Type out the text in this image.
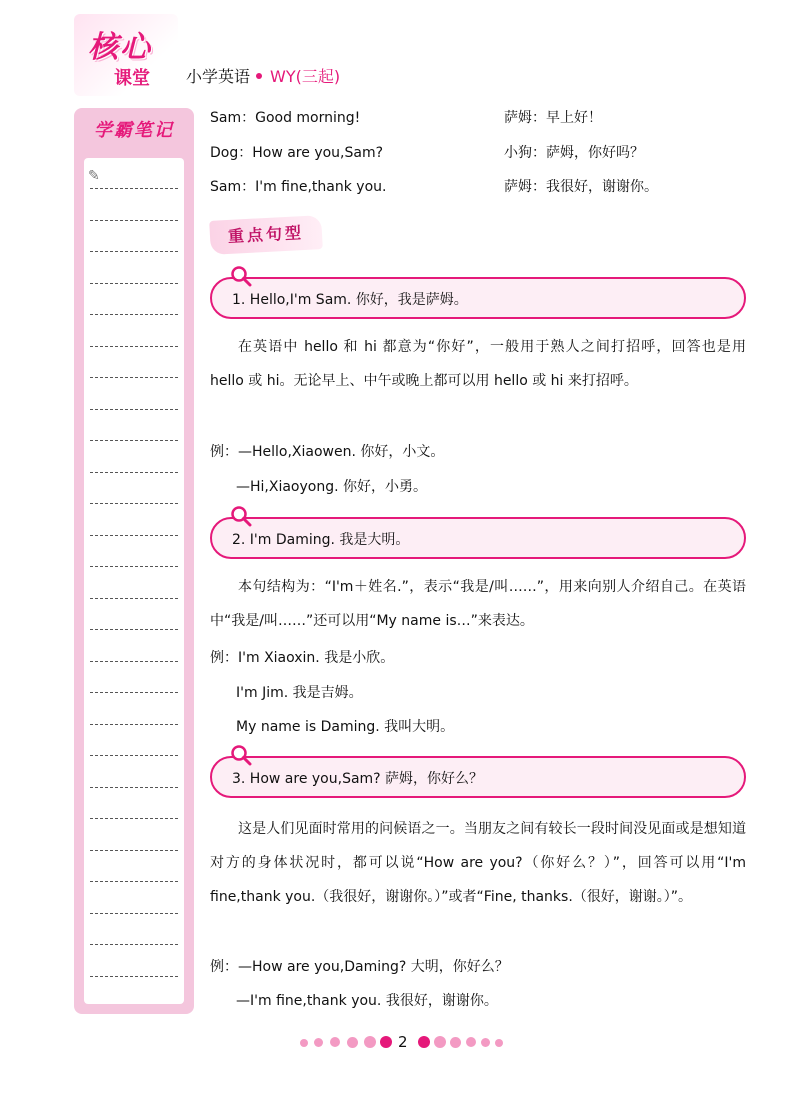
核心
课堂 小学英语 WY(三起)
学霸笔记
✎
Sam：Good morning!	萨姆：早上好！
Dog：How are you,Sam?	小狗：萨姆，你好吗？
Sam：I'm fine,thank you.	萨姆：我很好，谢谢你。
重点句型
1. Hello,I'm Sam. 你好，我是萨姆。
在英语中 hello 和 hi 都意为“你好”，一般用于熟人之间打招呼，回答也是用 hello 或 hi。无论早上、中午或晚上都可以用 hello 或 hi 来打招呼。
例：—Hello,Xiaowen. 你好，小文。
—Hi,Xiaoyong. 你好，小勇。
2. I'm Daming. 我是大明。
本句结构为：“I'm＋姓名.”，表示“我是/叫……”，用来向别人介绍自己。在英语中“我是/叫……”还可以用“My name is…”来表达。
例：I'm Xiaoxin. 我是小欣。
I'm Jim. 我是吉姆。
My name is Daming. 我叫大明。
3. How are you,Sam? 萨姆，你好么？
这是人们见面时常用的问候语之一。当朋友之间有较长一段时间没见面或是想知道对方的身体状况时，都可以说“How are you?（你好么？）”，回答可以用“I'm fine,thank you.（我很好，谢谢你。）”或者“Fine, thanks.（很好，谢谢。）”。
例：—How are you,Daming? 大明，你好么？
—I'm fine,thank you. 我很好，谢谢你。
2
